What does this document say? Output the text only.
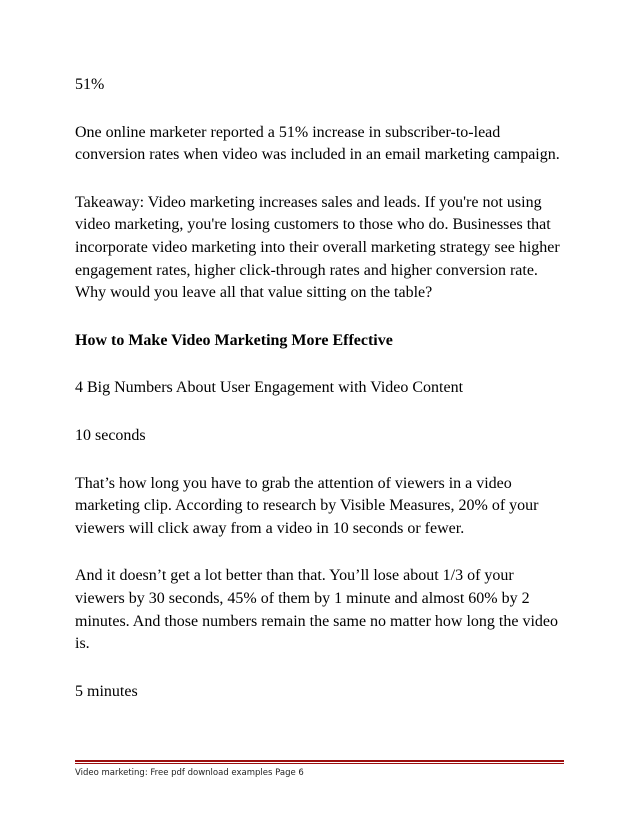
51%

One online marketer reported a 51% increase in subscriber-to-lead conversion rates when video was included in an email marketing campaign.

Takeaway: Video marketing increases sales and leads. If you're not using video marketing, you're losing customers to those who do. Businesses that incorporate video marketing into their overall marketing strategy see higher engagement rates, higher click-through rates and higher conversion rate. Why would you leave all that value sitting on the table?

How to Make Video Marketing More Effective

4 Big Numbers About User Engagement with Video Content

10 seconds

That’s how long you have to grab the attention of viewers in a video marketing clip. According to research by Visible Measures, 20% of your viewers will click away from a video in 10 seconds or fewer.

And it doesn’t get a lot better than that. You’ll lose about 1/3 of your viewers by 30 seconds, 45% of them by 1 minute and almost 60% by 2 minutes. And those numbers remain the same no matter how long the video is.

5 minutes

Video marketing: Free pdf download examples Page 6
